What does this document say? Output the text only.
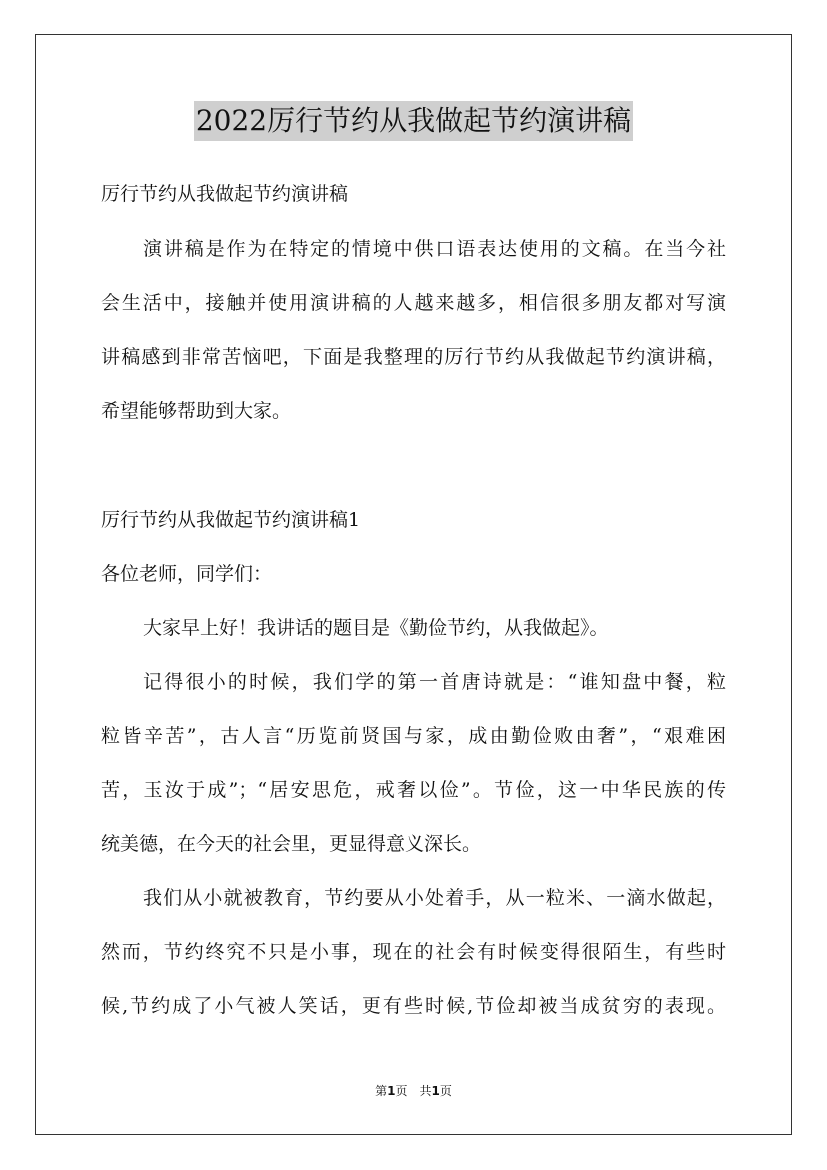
2022厉行节约从我做起节约演讲稿
厉行节约从我做起节约演讲稿
演讲稿是作为在特定的情境中供口语表达使用的文稿。在当今社
会生活中，接触并使用演讲稿的人越来越多，相信很多朋友都对写演
讲稿感到非常苦恼吧，下面是我整理的厉行节约从我做起节约演讲稿，
希望能够帮助到大家。
厉行节约从我做起节约演讲稿1
各位老师，同学们：
大家早上好！我讲话的题目是《勤俭节约，从我做起》。
记得很小的时候，我们学的第一首唐诗就是：“谁知盘中餐，粒
粒皆辛苦”，古人言“历览前贤国与家，成由勤俭败由奢”，“艰难困
苦，玉汝于成”；“居安思危，戒奢以俭”。节俭，这一中华民族的传
统美德，在今天的社会里，更显得意义深长。
我们从小就被教育，节约要从小处着手，从一粒米、一滴水做起，
然而，节约终究不只是小事，现在的社会有时候变得很陌生，有些时
候,节约成了小气被人笑话，更有些时候,节俭却被当成贫穷的表现。
第1页　共1页
